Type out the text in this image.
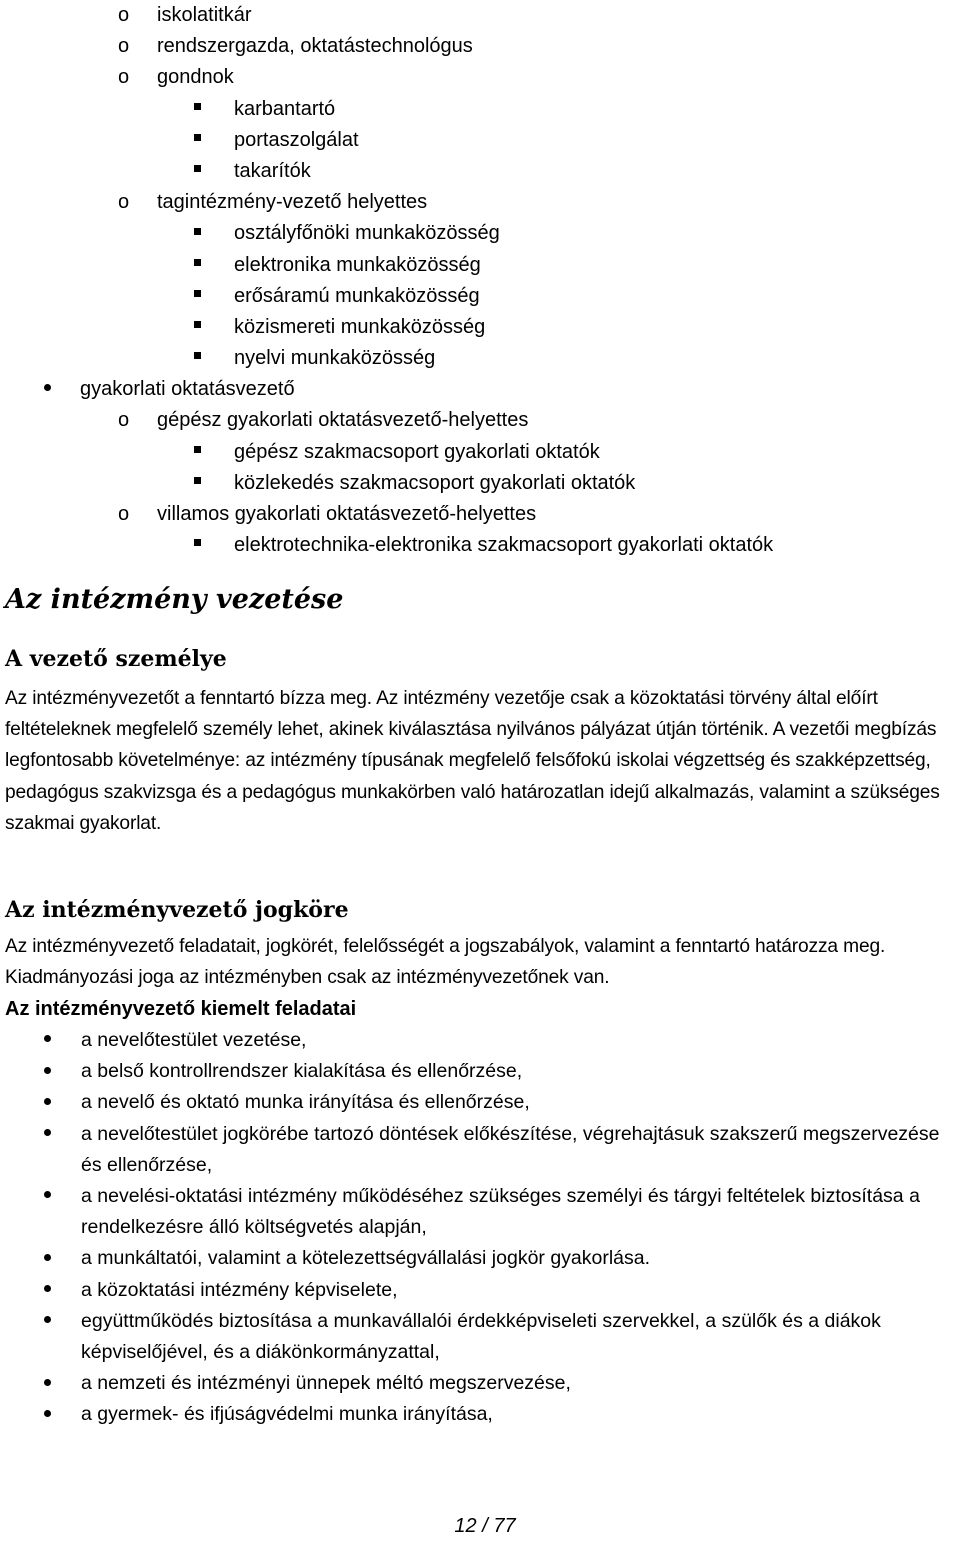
o iskolatitkár
o rendszergazda, oktatástechnológus
o gondnok
karbantartó
portaszolgálat
takarítók
o tagintézmény-vezető helyettes
osztályfőnöki munkaközösség
elektronika munkaközösség
erősáramú munkaközösség
közismereti munkaközösség
nyelvi munkaközösség
gyakorlati oktatásvezető
o gépész gyakorlati oktatásvezető-helyettes
gépész szakmacsoport gyakorlati oktatók
közlekedés szakmacsoport gyakorlati oktatók
o villamos gyakorlati oktatásvezető-helyettes
elektrotechnika-elektronika szakmacsoport gyakorlati oktatók
Az intézmény vezetése
A vezető személye

Az intézményvezetőt a fenntartó bízza meg. Az intézmény vezetője csak a közoktatási törvény által előírt feltételeknek megfelelő személy lehet, akinek kiválasztása nyilvános pályázat útján történik. A vezetői megbízás legfontosabb követelménye: az intézmény típusának megfelelő felsőfokú iskolai végzettség és szakképzettség, pedagógus szakvizsga és a pedagógus munkakörben való határozatlan idejű alkalmazás, valamint a szükséges szakmai gyakorlat.

Az intézményvezető jogköre

Az intézményvezető feladatait, jogkörét, felelősségét a jogszabályok, valamint a fenntartó határozza meg. Kiadmányozási joga az intézményben csak az intézményvezetőnek van.

Az intézményvezető kiemelt feladatai

a nevelőtestület vezetése,
a belső kontrollrendszer kialakítása és ellenőrzése,
a nevelő és oktató munka irányítása és ellenőrzése,
a nevelőtestület jogkörébe tartozó döntések előkészítése, végrehajtásuk szakszerű megszervezése és ellenőrzése,
a nevelési-oktatási intézmény működéséhez szükséges személyi és tárgyi feltételek biztosítása a rendelkezésre álló költségvetés alapján,
a munkáltatói, valamint a kötelezettségvállalási jogkör gyakorlása.
a közoktatási intézmény képviselete,
együttműködés biztosítása a munkavállalói érdekképviseleti szervekkel, a szülők és a diákok képviselőjével, és a diákönkormányzattal,
a nemzeti és intézményi ünnepek méltó megszervezése,
a gyermek- és ifjúságvédelmi munka irányítása,

12 / 77
